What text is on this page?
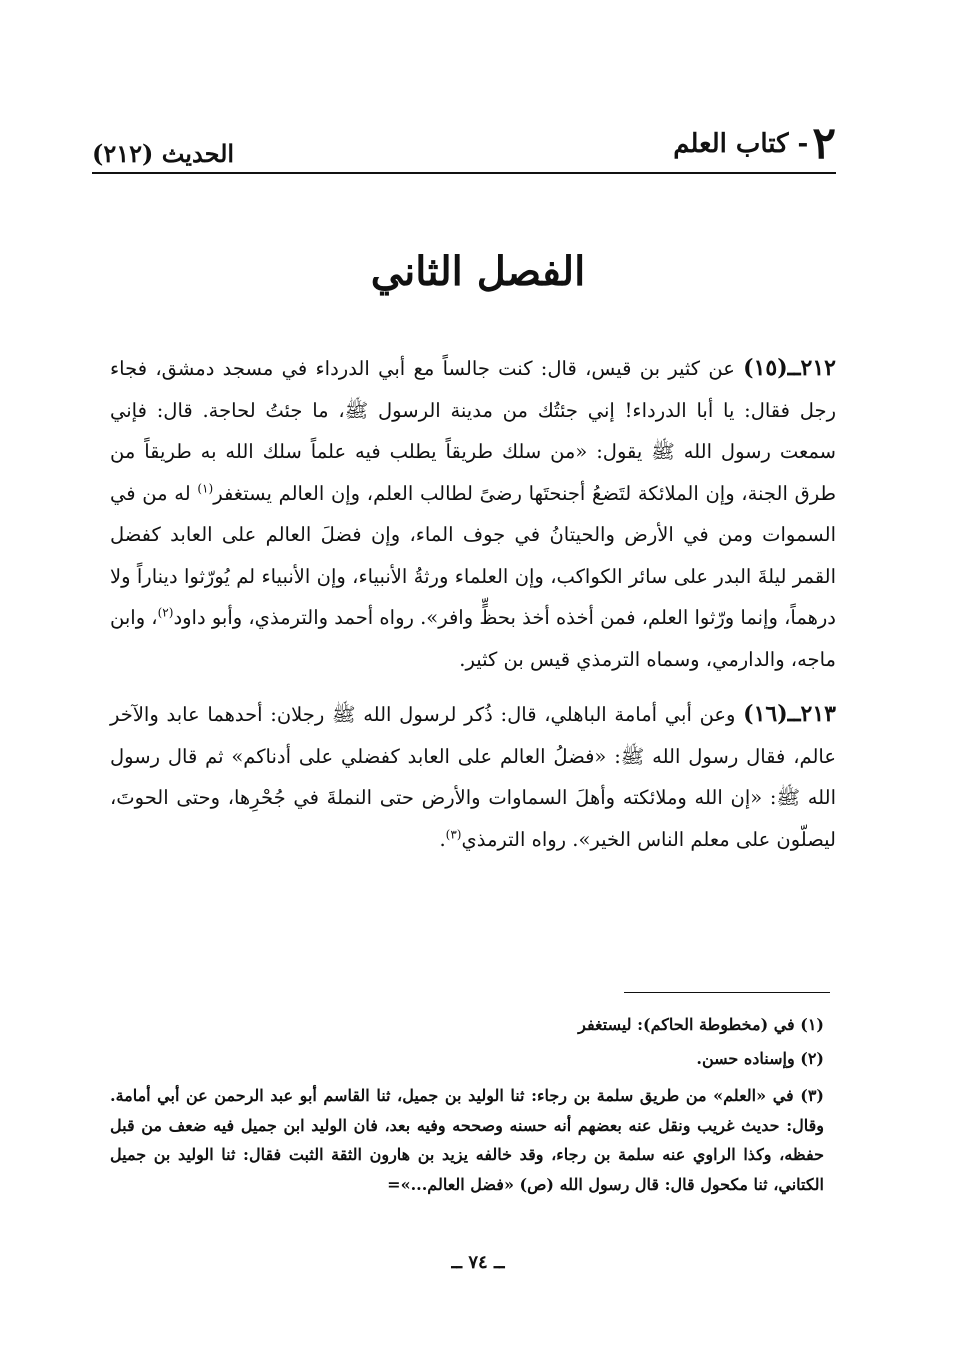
٢- كتاب العلم
الحديث (٢١٢)
الفصل الثاني

٢١٢ــ(١٥) عن كثير بن قيس، قال: كنت جالساً مع أبي الدرداء في مسجد دمشق، فجاء رجل فقال: يا أبا الدرداء! إني جئتُك من مدينة الرسول ﷺ، ما جئتُ لحاجة. قال: فإني سمعت رسول الله ﷺ يقول: «من سلك طريقاً يطلب فيه علماً سلك الله به طريقاً من طرق الجنة، وإن الملائكة لتَضعُ أجنحتَها رضىً لطالب العلم، وإن العالم يستغفر$^{(١)}$ له من في السموات ومن في الأرض والحيتانُ في جوف الماء، وإن فضلَ العالم على العابد كفضل القمر ليلةَ البدر على سائر الكواكب، وإن العلماء ورثةُ الأنبياء، وإن الأنبياء لم يُورّثوا ديناراً ولا درهماً، وإنما ورّثوا العلم، فمن أخذه أخذ بحظٍّ وافر». رواه أحمد والترمذي، وأبو داود$^{(٢)}$، وابن ماجه، والدارمي، وسماه الترمذي قيس بن كثير.

٢١٣ــ(١٦) وعن أبي أمامة الباهلي، قال: ذُكر لرسول الله ﷺ رجلان: أحدهما عابد والآخر عالم، فقال رسول الله ﷺ: «فضلُ العالم على العابد كفضلي على أدناكم» ثم قال رسول الله ﷺ: «إن الله وملائكته وأهلَ السماوات والأرض حتى النملةَ في جُحْرِها، وحتى الحوتَ، ليصلّون على معلم الناس الخير». رواه الترمذي$^{(٣)}$.

(١) في (مخطوطة الحاكم): ليستغفر

(٢) وإسناده حسن.

(٣) في «العلم» من طريق سلمة بن رجاء: ثنا الوليد بن جميل، ثنا القاسم أبو عبد الرحمن عن أبي أمامة. وقال: حديث غريب ونقل عنه بعضهم أنه حسنه وصححه وفيه بعد، فان الوليد ابن جميل فيه ضعف من قبل حفظه، وكذا الراوي عنه سلمة بن رجاء، وقد خالفه يزيد بن هارون الثقة الثبت فقال: ثنا الوليد بن جميل الكتاني، ثنا مكحول قال: قال رسول الله (ص) «فضل العالم...»=

ــ ٧٤ ــ
